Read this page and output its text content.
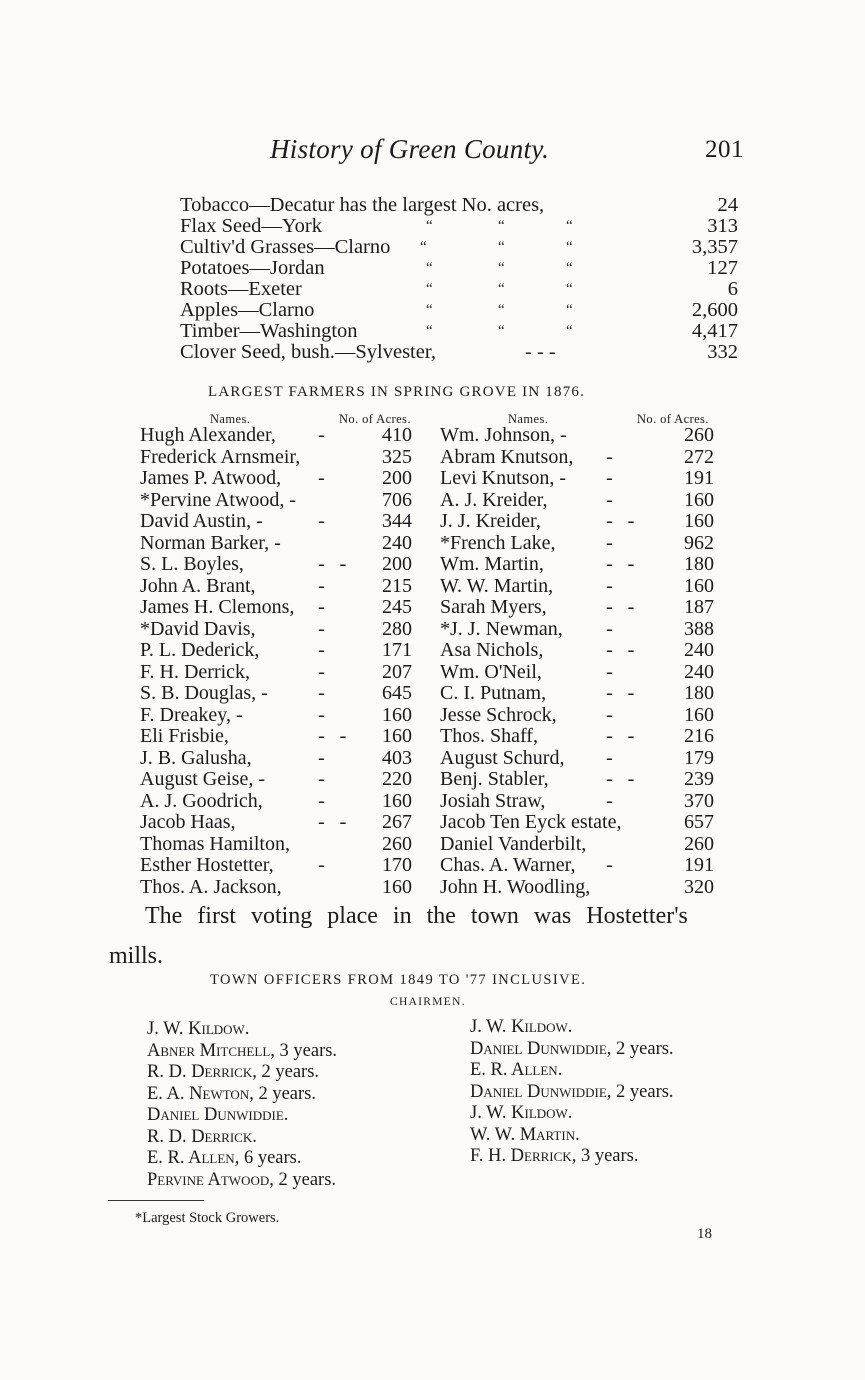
History of Green County.	201
Tobacco—Decatur has the largest No. acres,	24
Flax Seed—York	“	“	“	313
Cultiv'd Grasses—Clarno “	“	“	3,357
Potatoes—Jordan	“	“	“	127
Roots—Exeter	“	“	“	6
Apples—Clarno	“	“	“	2,600
Timber—Washington	“	“	“	4,417
Clover Seed, bush.—Sylvester,	- - -	332
LARGEST FARMERS IN SPRING GROVE IN 1876.
Names.	No. of Acres.	Names.	No. of Acres.
Hugh Alexander, -	410
Frederick Arnsmeir,	325
James P. Atwood, -	200
*Pervine Atwood, -	706
David Austin, -	-	344
Norman Barker, -	240
S. L. Boyles,	-   - 200
John A. Brant,	-	215
James H. Clemons, -	245
*David Davis,	-	280
P. L. Dederick,	-	171
F. H. Derrick,	-	207
S. B. Douglas, -	-	645
F. Dreakey, -	-	160
Eli Frisbie,	-   - 160
J. B. Galusha,	-	403
August Geise, -	-	220
A. J. Goodrich,	-	160
Jacob Haas,	-   - 267
Thomas Hamilton,	260
Esther Hostetter, -	170
Thos. A. Jackson,	160
Wm. Johnson, -	260
Abram Knutson, -	272
Levi Knutson, - -	191
A. J. Kreider,	-	160
J. J. Kreider,	-   - 160
*French Lake,	-	962
Wm. Martin,	-   - 180
W. W. Martin,	-	160
Sarah Myers,	-   - 187
*J. J. Newman, -	388
Asa Nichols,	-   - 240
Wm. O'Neil,	-	240
C. I. Putnam,	-   - 180
Jesse Schrock, -	160
Thos. Shaff,	-   - 216
August Schurd, -	179
Benj. Stabler,	-   - 239
Josiah Straw,	-	370
Jacob Ten Eyck estate,	657
Daniel Vanderbilt,	260
Chas. A. Warner, -	191
John H. Woodling,	320
The first voting place in the town was Hostetter's
mills.
TOWN OFFICERS FROM 1849 TO '77 INCLUSIVE.
CHAIRMEN.
J. W. Kildow.
Abner Mitchell, 3 years.
R. D. Derrick, 2 years.
E. A. Newton, 2 years.
Daniel Dunwiddie.
R. D. Derrick.
E. R. Allen, 6 years.
Pervine Atwood, 2 years.
J. W. Kildow.
Daniel Dunwiddie, 2 years.
E. R. Allen.
Daniel Dunwiddie, 2 years.
J. W. Kildow.
W. W. Martin.
F. H. Derrick, 3 years.
*Largest Stock Growers.
18
